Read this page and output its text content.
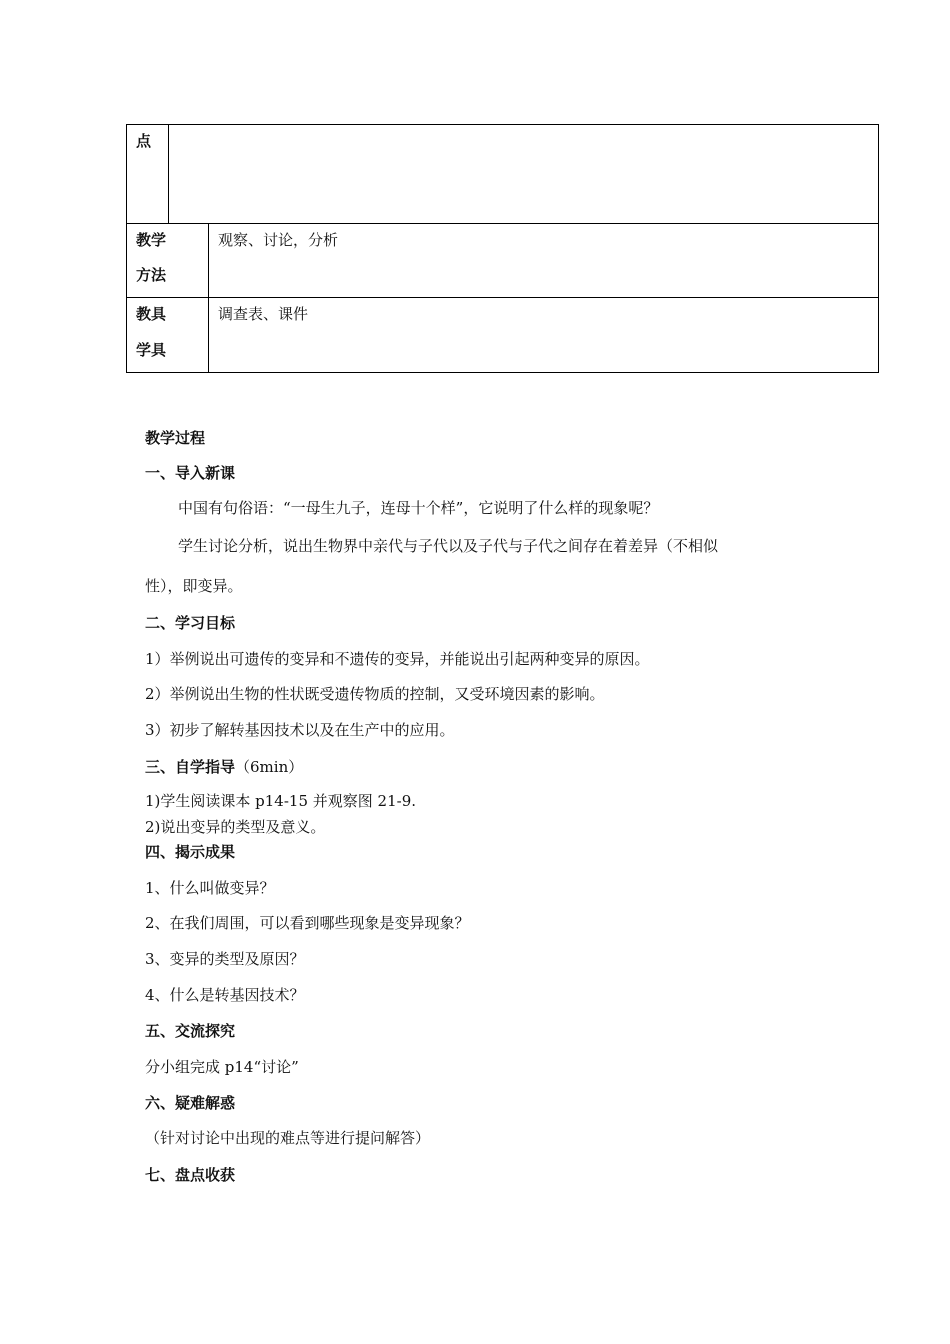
点
教学
方法
观察、讨论，分析
教具
学具
调查表、课件
教学过程
一、导入新课
中国有句俗语：“一母生九子，连母十个样”，它说明了什么样的现象呢？
学生讨论分析，说出生物界中亲代与子代以及子代与子代之间存在着差异（不相似
性），即变异。
二、学习目标
1）举例说出可遗传的变异和不遗传的变异，并能说出引起两种变异的原因。
2）举例说出生物的性状既受遗传物质的控制，又受环境因素的影响。
3）初步了解转基因技术以及在生产中的应用。
三、自学指导（6min）
1)学生阅读课本 p14-15 并观察图 21-9.
2)说出变异的类型及意义。
四、揭示成果
1、什么叫做变异？
2、在我们周围，可以看到哪些现象是变异现象？
3、变异的类型及原因？
4、什么是转基因技术？
五、交流探究
分小组完成 p14“讨论”
六、疑难解惑
（针对讨论中出现的难点等进行提问解答）
七、盘点收获
